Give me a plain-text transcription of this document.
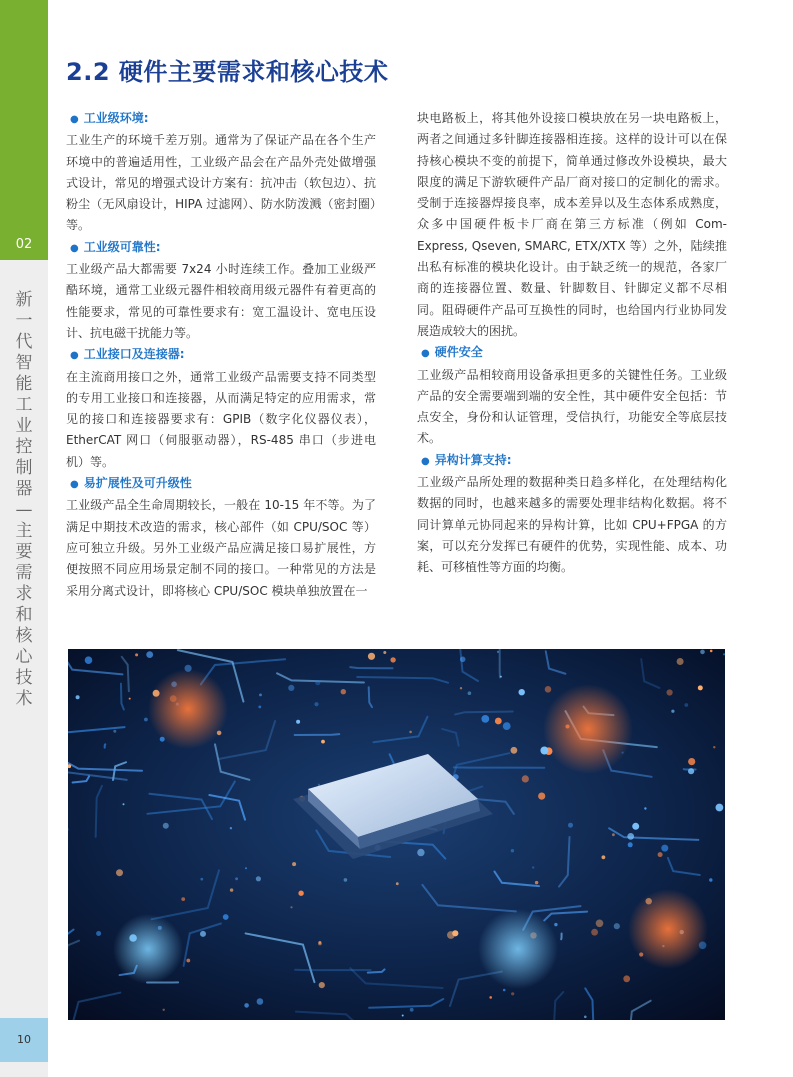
02
新
一
代
智
能
工
业
控
制
器
—
主
要
需
求
和
核
心
技
术
10
2.2 硬件主要需求和核心技术

● 工业级环境:

工业生产的环境千差万别。通常为了保证产品在各个生产环境中的普遍适用性，工业级产品会在产品外壳处做增强式设计，常见的增强式设计方案有：抗冲击（软包边）、抗粉尘（无风扇设计，HIPA 过滤网）、防水防泼溅（密封圈）等。

● 工业级可靠性:

工业级产品大都需要 7x24 小时连续工作。叠加工业级严酷环境，通常工业级元器件相较商用级元器件有着更高的性能要求，常见的可靠性要求有：宽工温设计、宽电压设计、抗电磁干扰能力等。

● 工业接口及连接器:

在主流商用接口之外，通常工业级产品需要支持不同类型的专用工业接口和连接器，从而满足特定的应用需求，常见的接口和连接器要求有：GPIB（数字化仪器仪表），EtherCAT 网口（伺服驱动器），RS-485 串口（步进电机）等。

● 易扩展性及可升级性

工业级产品全生命周期较长，一般在 10-15 年不等。为了满足中期技术改造的需求，核心部件（如 CPU/SOC 等）应可独立升级。另外工业级产品应满足接口易扩展性，方便按照不同应用场景定制不同的接口。一种常见的方法是采用分离式设计，即将核心 CPU/SOC 模块单独放置在一

块电路板上，将其他外设接口模块放在另一块电路板上，两者之间通过多针脚连接器相连接。这样的设计可以在保持核心模块不变的前提下，简单通过修改外设模块，最大限度的满足下游软硬件产品厂商对接口的定制化的需求。受制于连接器焊接良率，成本差异以及生态体系成熟度，众多中国硬件板卡厂商在第三方标准（例如 Com-Express, Qseven, SMARC, ETX/XTX 等）之外，陆续推出私有标准的模块化设计。由于缺乏统一的规范，各家厂商的连接器位置、数量、针脚数目、针脚定义都不尽相同。阻碍硬件产品可互换性的同时，也给国内行业协同发展造成较大的困扰。

● 硬件安全

工业级产品相较商用设备承担更多的关键性任务。工业级产品的安全需要端到端的安全性，其中硬件安全包括：节点安全，身份和认证管理，受信执行，功能安全等底层技术。

● 异构计算支持:

工业级产品所处理的数据种类日趋多样化，在处理结构化数据的同时，也越来越多的需要处理非结构化数据。将不同计算单元协同起来的异构计算，比如 CPU+FPGA 的方案，可以充分发挥已有硬件的优势，实现性能、成本、功耗、可移植性等方面的均衡。
